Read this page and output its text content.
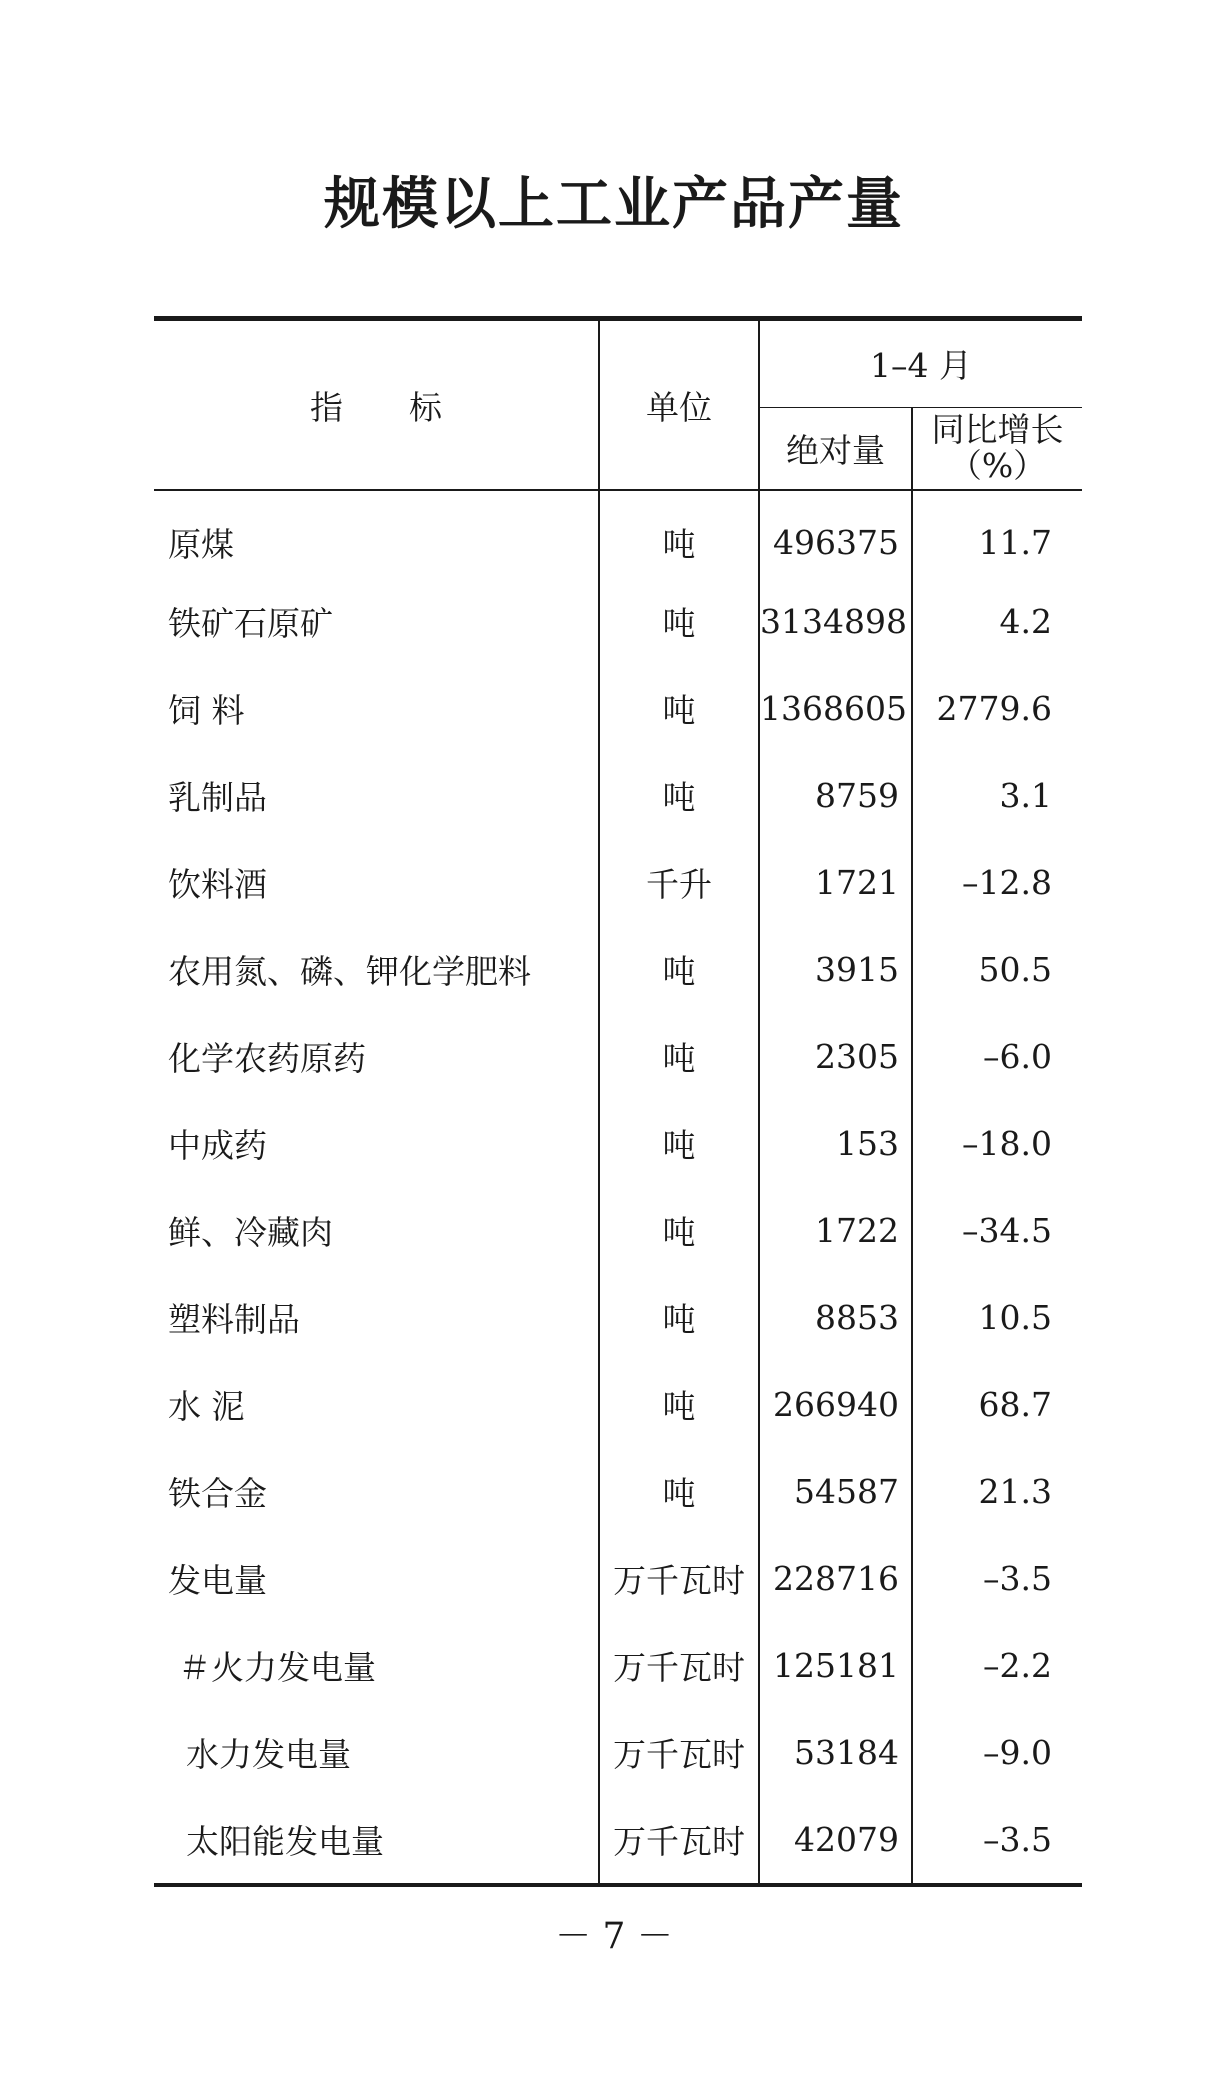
规模以上工业产品产量
指　　标	单位	1–4 月	
		绝对量	同比增长
（%）

原煤	吨	496375	11.7
铁矿石原矿	吨	3134898	4.2
饲 料	吨	1368605	2779.6
乳制品	吨	8759	3.1
饮料酒	千升	1721	–12.8
农用氮、磷、钾化学肥料	吨	3915	50.5
化学农药原药	吨	2305	–6.0
中成药	吨	153	–18.0
鲜、冷藏肉	吨	1722	–34.5
塑料制品	吨	8853	10.5
水 泥	吨	266940	68.7
铁合金	吨	54587	21.3
发电量	万千瓦时	228716	–3.5
＃火力发电量	万千瓦时	125181	–2.2
水力发电量	万千瓦时	53184	–9.0
太阳能发电量	万千瓦时	42079	–3.5
－ 7 －
